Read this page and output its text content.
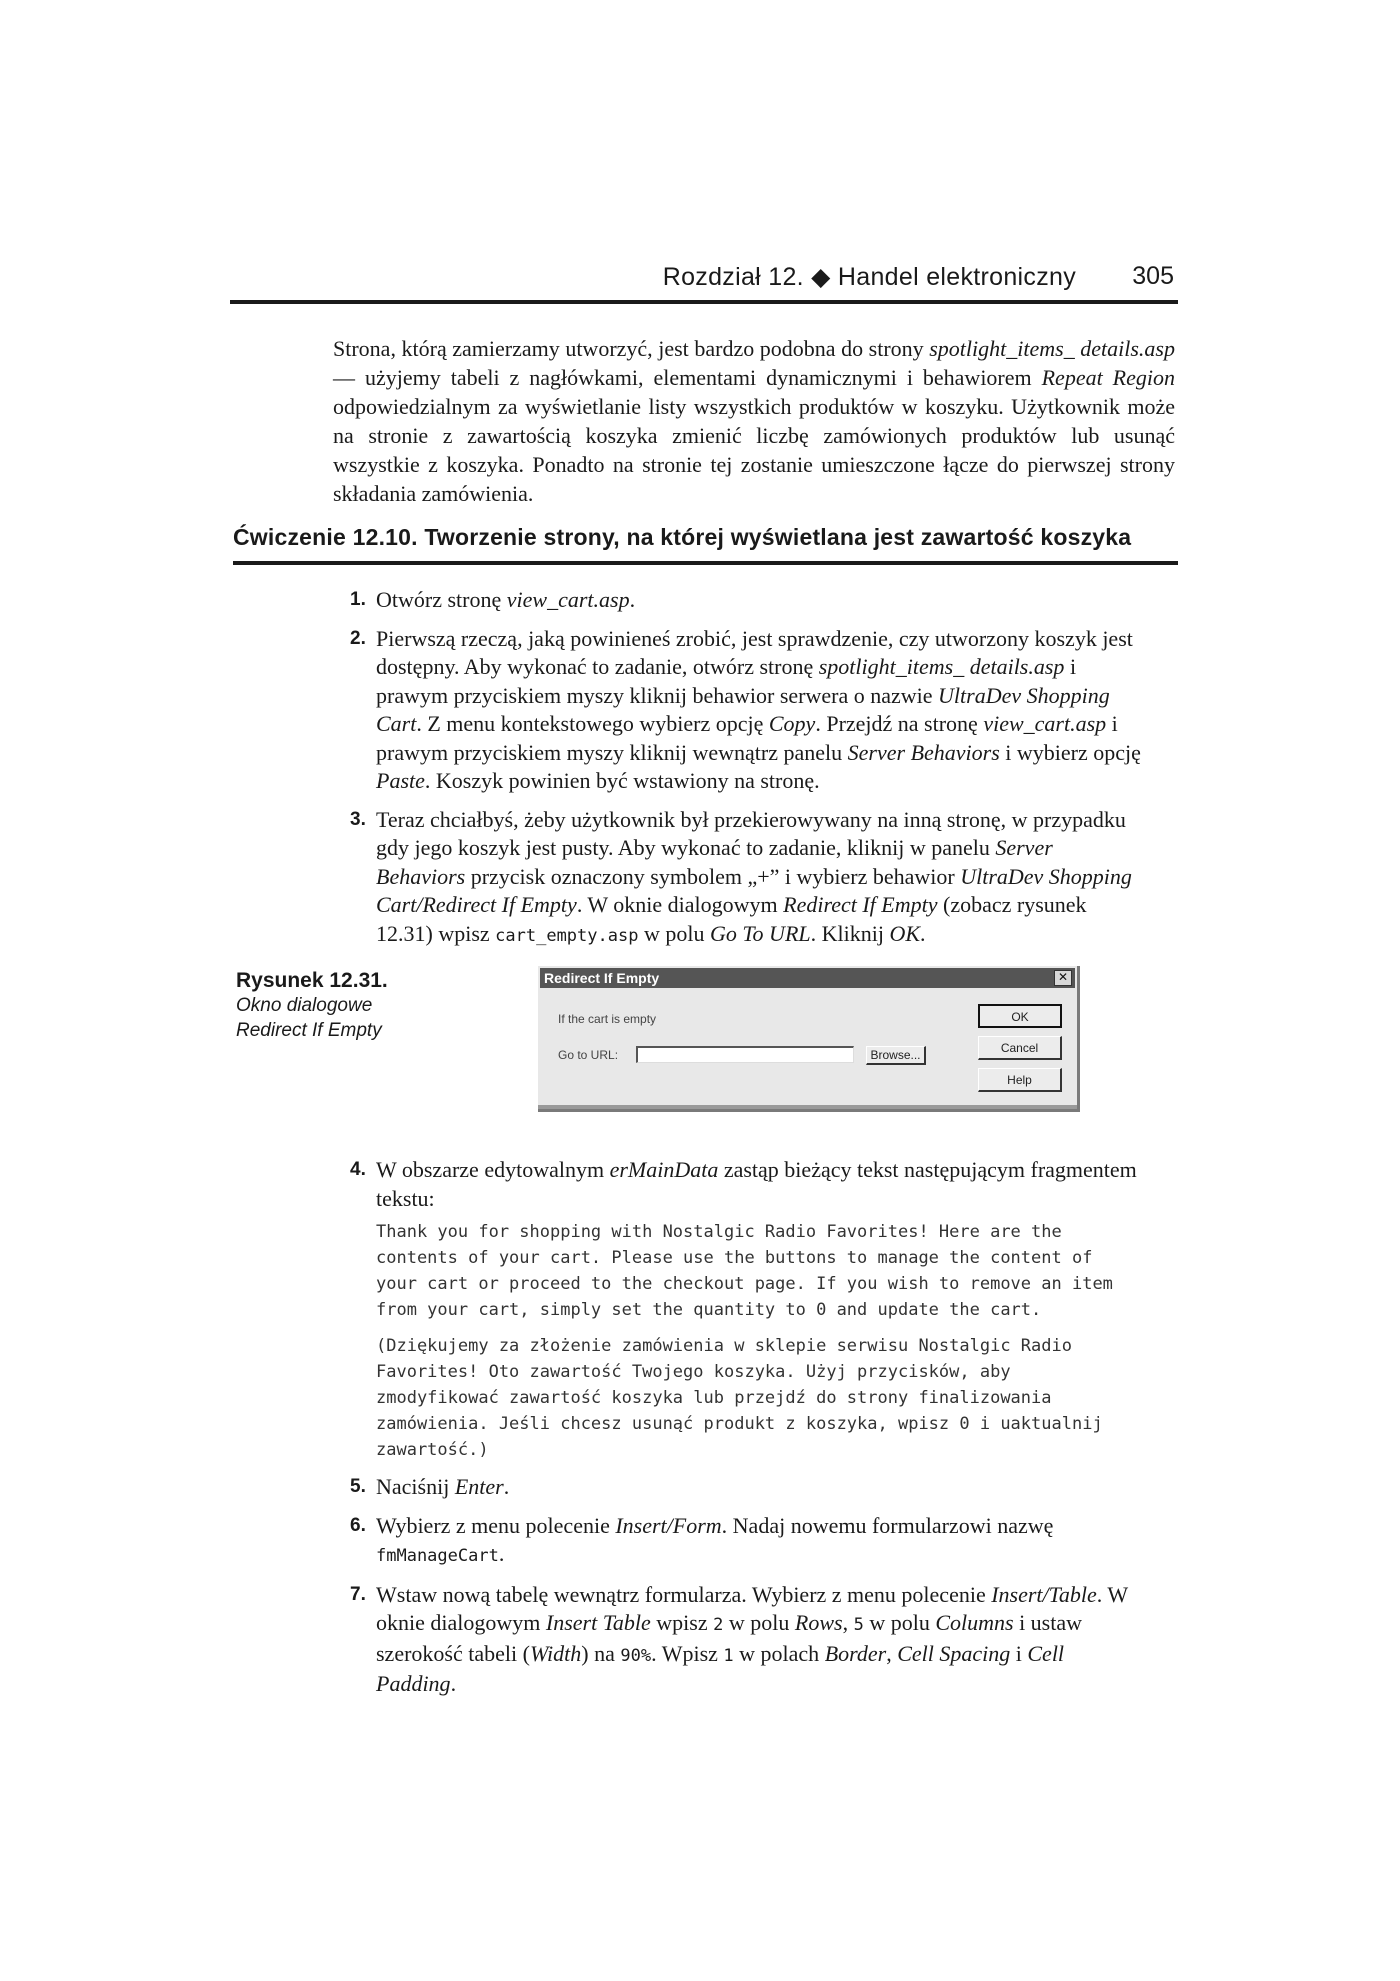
Rozdział 12. ◆ Handel elektroniczny 305

Strona, którą zamierzamy utworzyć, jest bardzo podobna do strony spotlight_items_ details.asp — użyjemy tabeli z nagłówkami, elementami dynamicznymi i behawiorem Repeat Region odpowiedzialnym za wyświetlanie listy wszystkich produktów w koszyku. Użytkownik może na stronie z zawartością koszyka zmienić liczbę zamówionych produktów lub usunąć wszystkie z koszyka. Ponadto na stronie tej zostanie umieszczone łącze do pierwszej strony składania zamówienia.

Ćwiczenie 12.10. Tworzenie strony, na której wyświetlana jest zawartość koszyka
1. Otwórz stronę view_cart.asp.
2. Pierwszą rzeczą, jaką powinieneś zrobić, jest sprawdzenie, czy utworzony koszyk jest dostępny. Aby wykonać to zadanie, otwórz stronę spotlight_items_ details.asp i prawym przyciskiem myszy kliknij behawior serwera o nazwie UltraDev Shopping Cart. Z menu kontekstowego wybierz opcję Copy. Przejdź na stronę view_cart.asp i prawym przyciskiem myszy kliknij wewnątrz panelu Server Behaviors i wybierz opcję Paste. Koszyk powinien być wstawiony na stronę.
3. Teraz chciałbyś, żeby użytkownik był przekierowywany na inną stronę, w przypadku gdy jego koszyk jest pusty. Aby wykonać to zadanie, kliknij w panelu Server Behaviors przycisk oznaczony symbolem „+” i wybierz behawior UltraDev Shopping Cart/Redirect If Empty. W oknie dialogowym Redirect If Empty (zobacz rysunek 12.31) wpisz cart_empty.asp w polu Go To URL. Kliknij OK.
4. W obszarze edytowalnym erMainData zastąp bieżący tekst następującym fragmentem tekstu:
Thank you for shopping with Nostalgic Radio Favorites! Here are the contents of your cart. Please use the buttons to manage the content of your cart or proceed to the checkout page. If you wish to remove an item from your cart, simply set the quantity to 0 and update the cart.
(Dziękujemy za złożenie zamówienia w sklepie serwisu Nostalgic Radio Favorites! Oto zawartość Twojego koszyka. Użyj przycisków, aby zmodyfikować zawartość koszyka lub przejdź do strony finalizowania zamówienia. Jeśli chcesz usunąć produkt z koszyka, wpisz 0 i uaktualnij zawartość.)
5. Naciśnij Enter.
6. Wybierz z menu polecenie Insert/Form. Nadaj nowemu formularzowi nazwę fmManageCart.
7. Wstaw nową tabelę wewnątrz formularza. Wybierz z menu polecenie Insert/Table. W oknie dialogowym Insert Table wpisz 2 w polu Rows, 5 w polu Columns i ustaw szerokość tabeli (Width) na 90%. Wpisz 1 w polach Border, Cell Spacing i Cell Padding.
Rysunek 12.31.
Okno dialogowe
Redirect If Empty
Redirect If Empty	✕
If the cart is empty
Go to URL:	Browse...
OK
Cancel
Help
